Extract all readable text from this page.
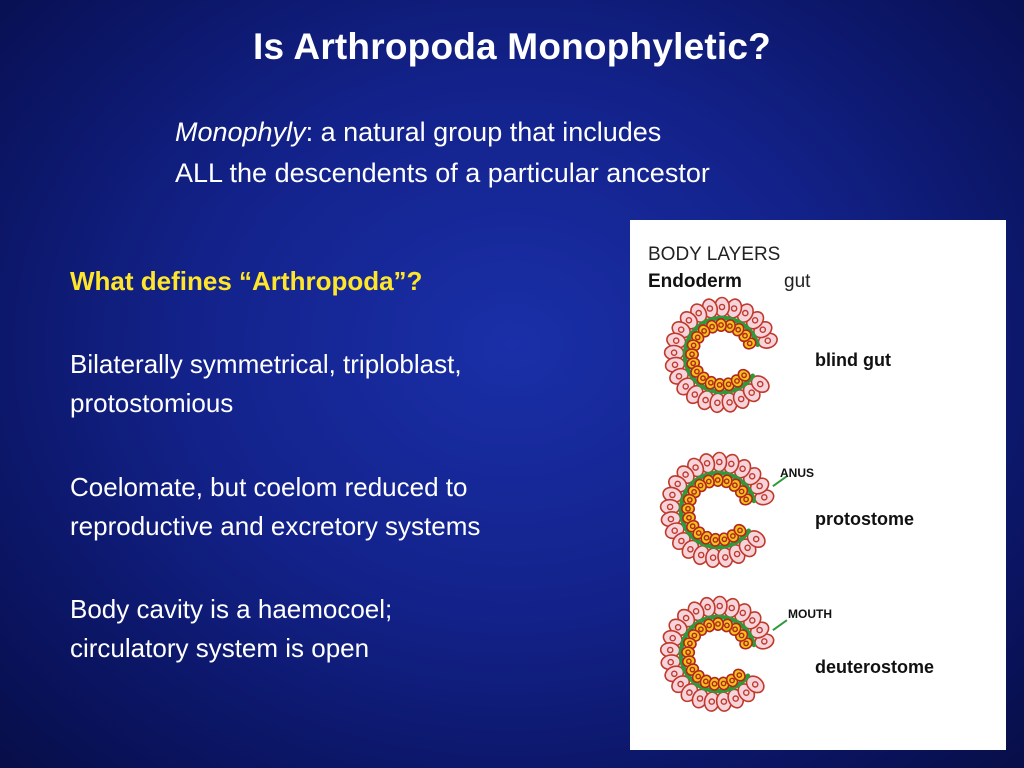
Is Arthropoda Monophyletic?
Monophyly: a natural group that includes
ALL the descendents of a particular ancestor
What defines “Arthropoda”?
Bilaterally symmetrical, triploblast,
protostomious
Coelomate, but coelom reduced to
reproductive and excretory systems
Body cavity is a haemocoel;
circulatory system is open
BODY LAYERS
Endoderm gut
blind gut
ANUS
protostome
MOUTH
deuterostome
